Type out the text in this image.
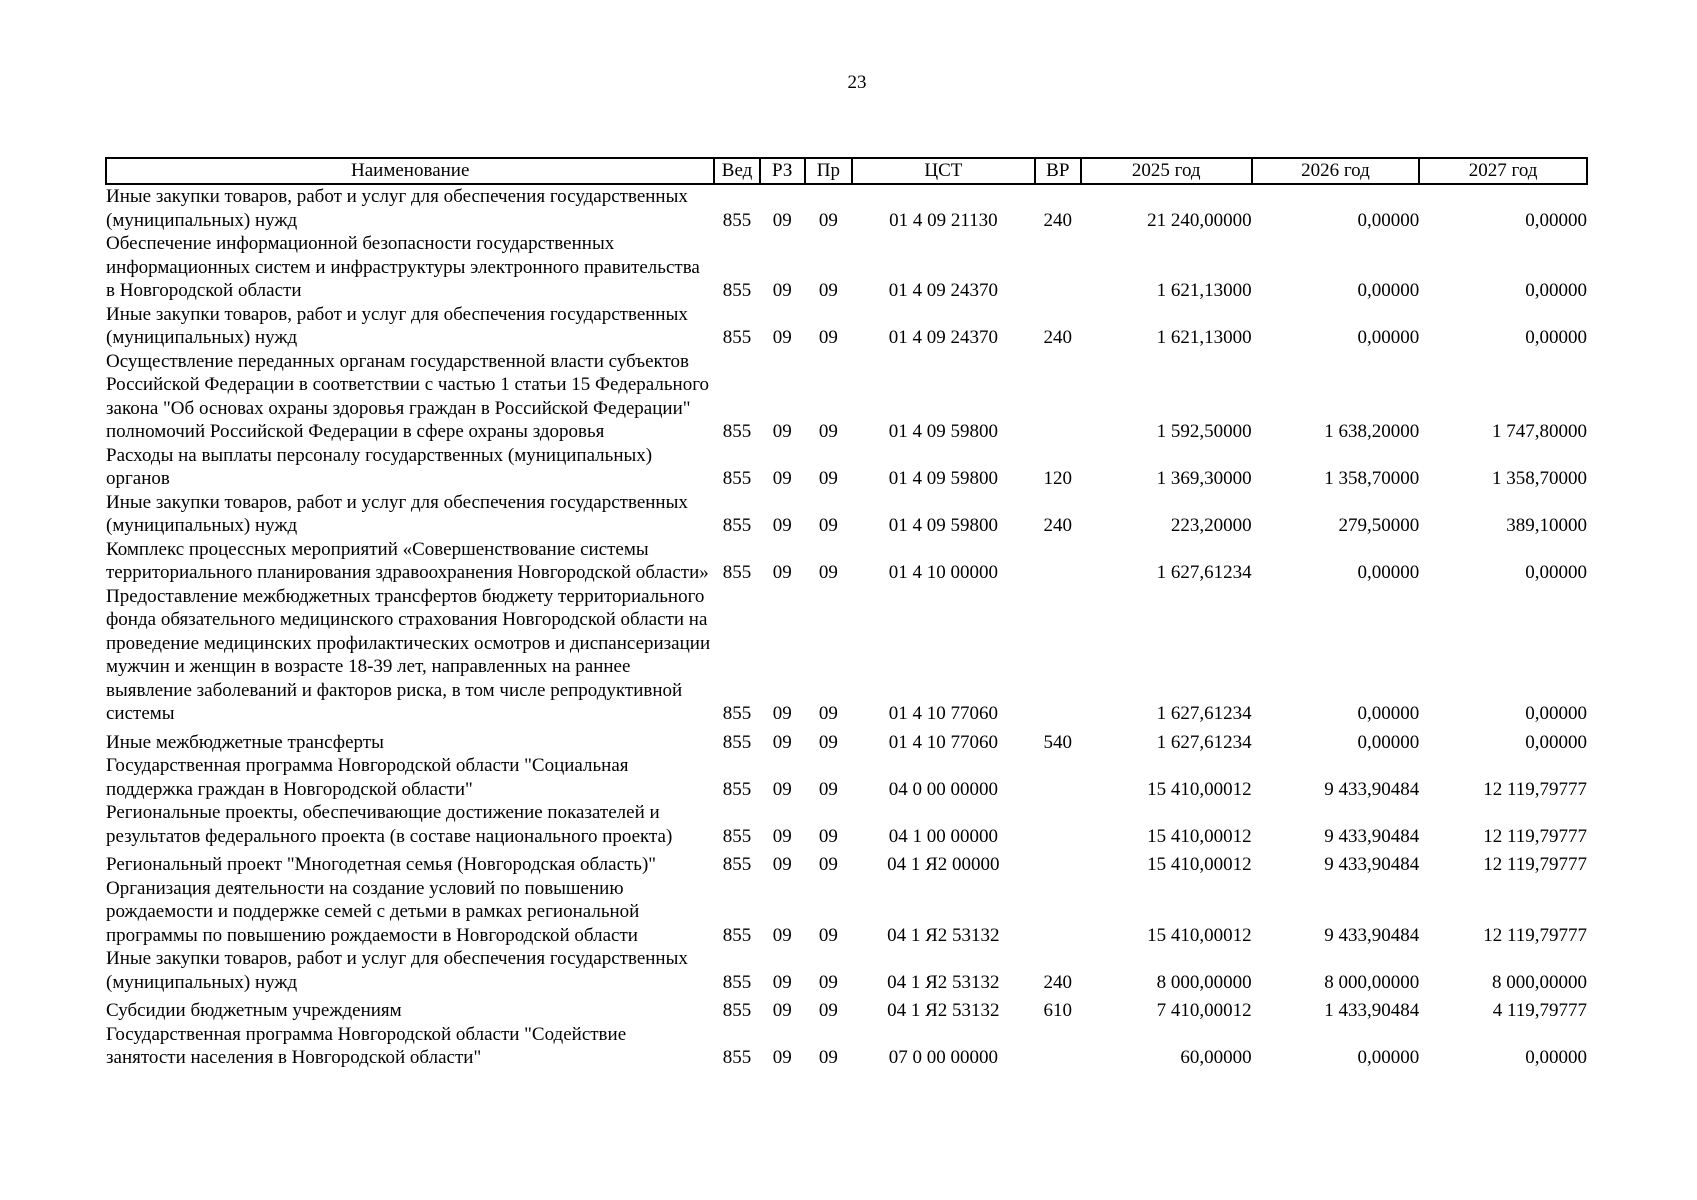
23
Наименование	Вед	РЗ	Пр	ЦСТ	ВР	2025 год	2026 год	2027 год
Иные закупки товаров, работ и услуг для обеспечения государственных (муниципальных) нужд	855	09	09	01 4 09 21130	240	21 240,00000	0,00000	0,00000
Обеспечение информационной безопасности государственных информационных систем и инфраструктуры электронного правительства в Новгородской области	855	09	09	01 4 09 24370		1 621,13000	0,00000	0,00000
Иные закупки товаров, работ и услуг для обеспечения государственных (муниципальных) нужд	855	09	09	01 4 09 24370	240	1 621,13000	0,00000	0,00000
Осуществление переданных органам государственной власти субъектов Российской Федерации в соответствии с частью 1 статьи 15 Федерального закона "Об основах охраны здоровья граждан в Российской Федерации" полномочий Российской Федерации в сфере охраны здоровья	855	09	09	01 4 09 59800		1 592,50000	1 638,20000	1 747,80000
Расходы на выплаты персоналу государственных (муниципальных) органов	855	09	09	01 4 09 59800	120	1 369,30000	1 358,70000	1 358,70000
Иные закупки товаров, работ и услуг для обеспечения государственных (муниципальных) нужд	855	09	09	01 4 09 59800	240	223,20000	279,50000	389,10000
Комплекс процессных мероприятий «Совершенствование системы территориального планирования здравоохранения Новгородской области»	855	09	09	01 4 10 00000		1 627,61234	0,00000	0,00000
Предоставление межбюджетных трансфертов бюджету территориального фонда обязательного медицинского страхования Новгородской области на проведение медицинских профилактических осмотров и диспансеризации мужчин и женщин в возрасте 18-39 лет, направленных на раннее выявление заболеваний и факторов риска, в том числе репродуктивной системы	855	09	09	01 4 10 77060		1 627,61234	0,00000	0,00000
Иные межбюджетные трансферты	855	09	09	01 4 10 77060	540	1 627,61234	0,00000	0,00000
Государственная программа Новгородской области "Социальная поддержка граждан в Новгородской области"	855	09	09	04 0 00 00000		15 410,00012	9 433,90484	12 119,79777
Региональные проекты, обеспечивающие достижение показателей и результатов федерального проекта (в составе национального проекта)	855	09	09	04 1 00 00000		15 410,00012	9 433,90484	12 119,79777
Региональный проект "Многодетная семья (Новгородская область)"	855	09	09	04 1 Я2 00000		15 410,00012	9 433,90484	12 119,79777
Организация деятельности на создание условий по повышению рождаемости и поддержке семей с детьми в рамках региональной программы по повышению рождаемости в Новгородской области	855	09	09	04 1 Я2 53132		15 410,00012	9 433,90484	12 119,79777
Иные закупки товаров, работ и услуг для обеспечения государственных (муниципальных) нужд	855	09	09	04 1 Я2 53132	240	8 000,00000	8 000,00000	8 000,00000
Субсидии бюджетным учреждениям	855	09	09	04 1 Я2 53132	610	7 410,00012	1 433,90484	4 119,79777
Государственная программа Новгородской области "Содействие занятости населения в Новгородской области"	855	09	09	07 0 00 00000		60,00000	0,00000	0,00000
